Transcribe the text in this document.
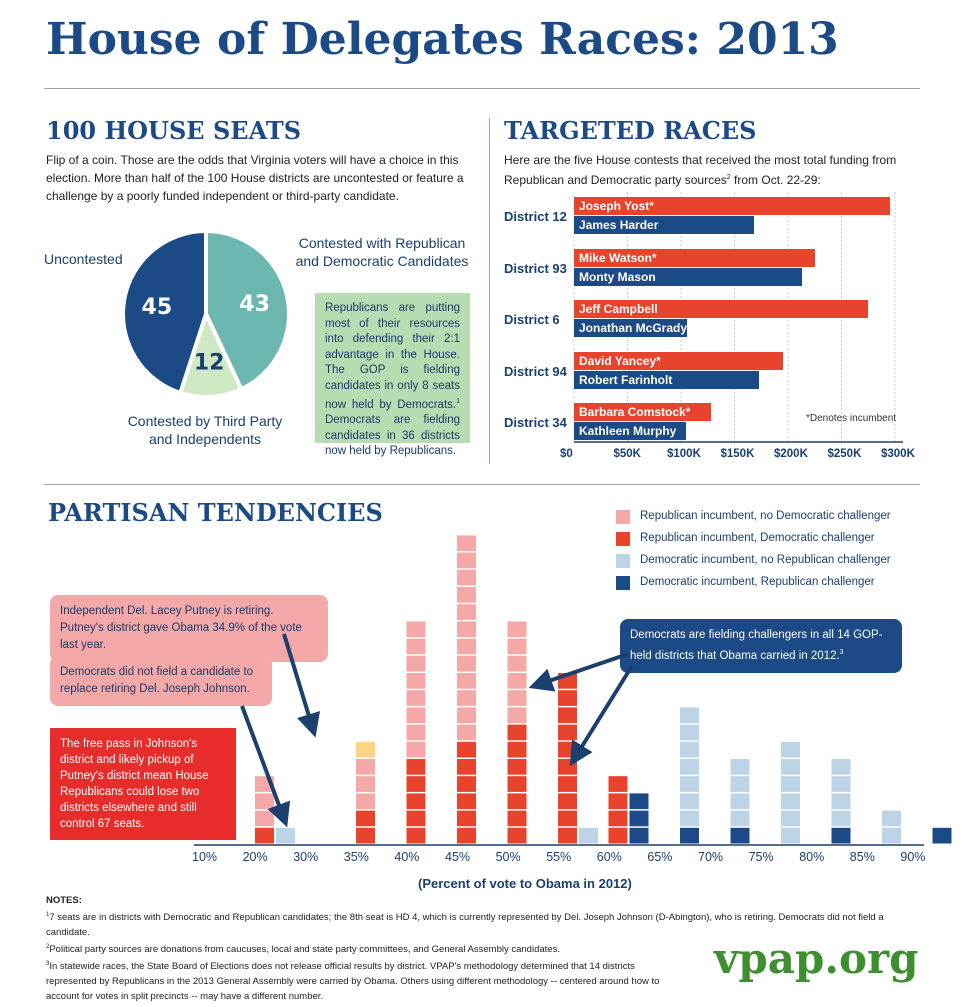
House of Delegates Races: 2013
100 HOUSE SEATS
Flip of a coin. Those are the odds that Virginia voters will have a choice in this election. More than half of the 100 House districts are uncontested or feature a challenge by a poorly funded independent or third-party candidate.
45	43
12
Uncontested
Contested with Republican
and Democratic Candidates
Contested by Third Party
and Independents
Republicans are putting most of their resources into defending their 2:1 advantage in the House. The GOP is fielding candidates in only 8 seats now held by Democrats.$^1$ Democrats are fielding candidates in 36 districts now held by Republicans.
TARGETED RACES
Here are the five House contests that received the most total funding from Republican and Democratic party sources$^2$ from Oct. 22-29:
$0	$50K $100K $150K $200K $250K $300K
District 12
Joseph Yost*
James Harder
District 93
Mike Watson*
Monty Mason
District 6
Jeff Campbell
Jonathan McGrady
District 94
David Yancey*
Robert Farinholt
District 34
Barbara Comstock*
Kathleen Murphy
*Denotes incumbent
PARTISAN TENDENCIES	Republican incumbent, no Democratic challenger
Republican incumbent, Democratic challenger
Democratic incumbent, no Republican challenger
Democratic incumbent, Republican challenger
10% 20% 30% 35% 40% 45% 50% 55% 60% 65% 70% 75% 80% 85% 90%
(Percent of vote to Obama in 2012)
Independent Del. Lacey Putney is retiring. Putney's district gave Obama 34.9% of the vote last year.
Democrats did not field a candidate to replace retiring Del. Joseph Johnson.
The free pass in Johnson's district and likely pickup of Putney's district mean House Republicans could lose two districts elsewhere and still control 67 seats.
Democrats are fielding challengers in all 14 GOP-held districts that Obama carried in 2012.$^3$
NOTES:
$^1$7 seats are in districts with Democratic and Republican candidates; the 8th seat is HD 4, which is currently represented by Del. Joseph Johnson (D-Abington), who is retiring. Democrats did not field a candidate.
$^2$Political party sources are donations from caucuses, local and state party committees, and General Assembly candidates.
$^3$In statewide races, the State Board of Elections does not release official results by district. VPAP's methodology determined that 14 districts represented by Republicans in the 2013 General Assembly were carried by Obama. Others using different methodology -- centered around how to account for votes in split precincts -- may have a different number.
vpap.org
